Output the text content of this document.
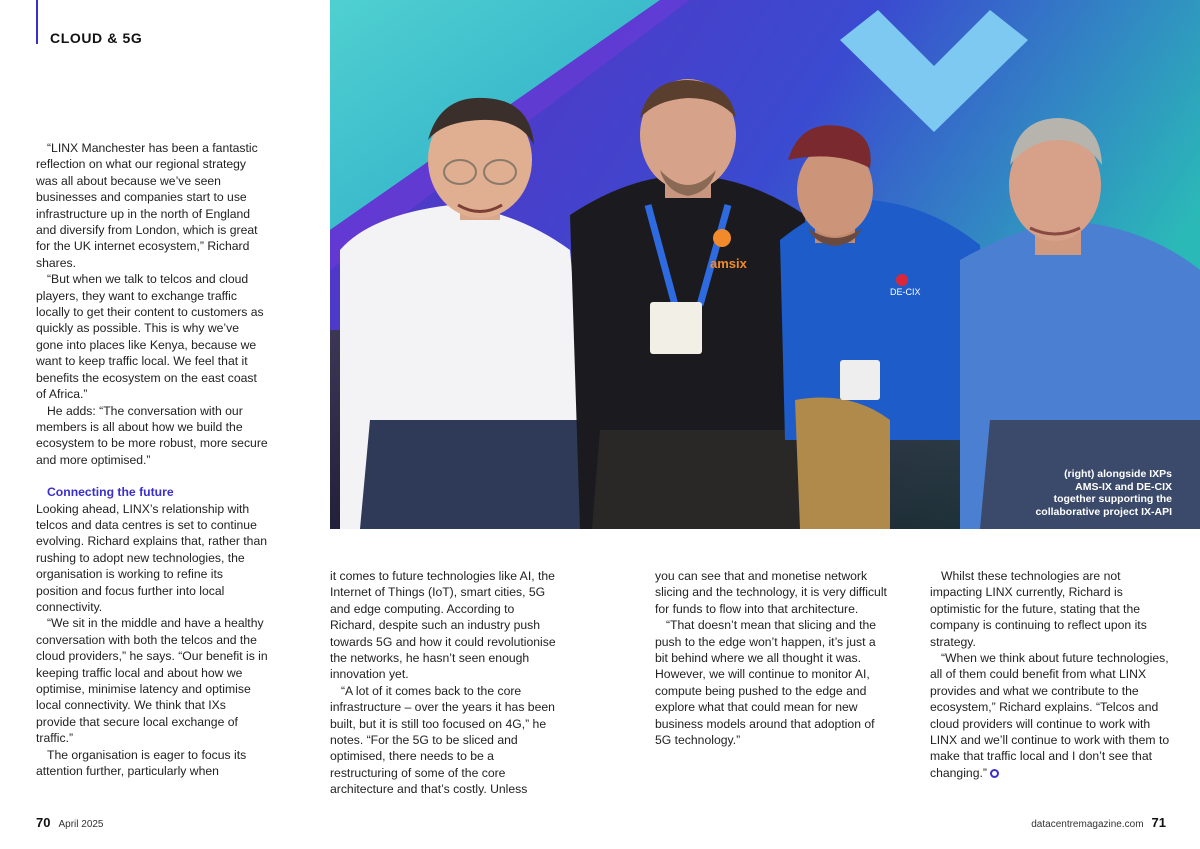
CLOUD & 5G
amsix
DE-CIX
(right) alongside IXPs
AMS-IX and DE-CIX
together supporting the
collaborative project IX-API

“LINX Manchester has been a fantastic reflection on what our regional strategy was all about because we’ve seen businesses and companies start to use infrastructure up in the north of England and diversify from London, which is great for the UK internet ecosystem,” Richard shares.

“But when we talk to telcos and cloud players, they want to exchange traffic locally to get their content to customers as quickly as possible. This is why we’ve gone into places like Kenya, because we want to keep traffic local. We feel that it benefits the ecosystem on the east coast of Africa.”

He adds: “The conversation with our members is all about how we build the ecosystem to be more robust, more secure and more optimised.”

Connecting the future

Looking ahead, LINX’s relationship with telcos and data centres is set to continue evolving. Richard explains that, rather than rushing to adopt new technologies, the organisation is working to refine its position and focus further into local connectivity.

“We sit in the middle and have a healthy conversation with both the telcos and the cloud providers,” he says. “Our benefit is in keeping traffic local and about how we optimise, minimise latency and optimise local connectivity. We think that IXs provide that secure local exchange of traffic.”

The organisation is eager to focus its attention further, particularly when

it comes to future technologies like AI, the Internet of Things (IoT), smart cities, 5G and edge computing. According to Richard, despite such an industry push towards 5G and how it could revolutionise the networks, he hasn’t seen enough innovation yet.

“A lot of it comes back to the core infrastructure – over the years it has been built, but it is still too focused on 4G,” he notes. “For the 5G to be sliced and optimised, there needs to be a restructuring of some of the core architecture and that’s costly. Unless

you can see that and monetise network slicing and the technology, it is very difficult for funds to flow into that architecture.

“That doesn’t mean that slicing and the push to the edge won’t happen, it’s just a bit behind where we all thought it was. However, we will continue to monitor AI, compute being pushed to the edge and explore what that could mean for new business models around that adoption of 5G technology.”

Whilst these technologies are not impacting LINX currently, Richard is optimistic for the future, stating that the company is continuing to reflect upon its strategy.

“When we think about future technologies, all of them could benefit from what LINX provides and what we contribute to the ecosystem,” Richard explains. “Telcos and cloud providers will continue to work with LINX and we’ll continue to work with them to make that traffic local and I don’t see that changing.”

70 April 2025	datacentremagazine.com 71
